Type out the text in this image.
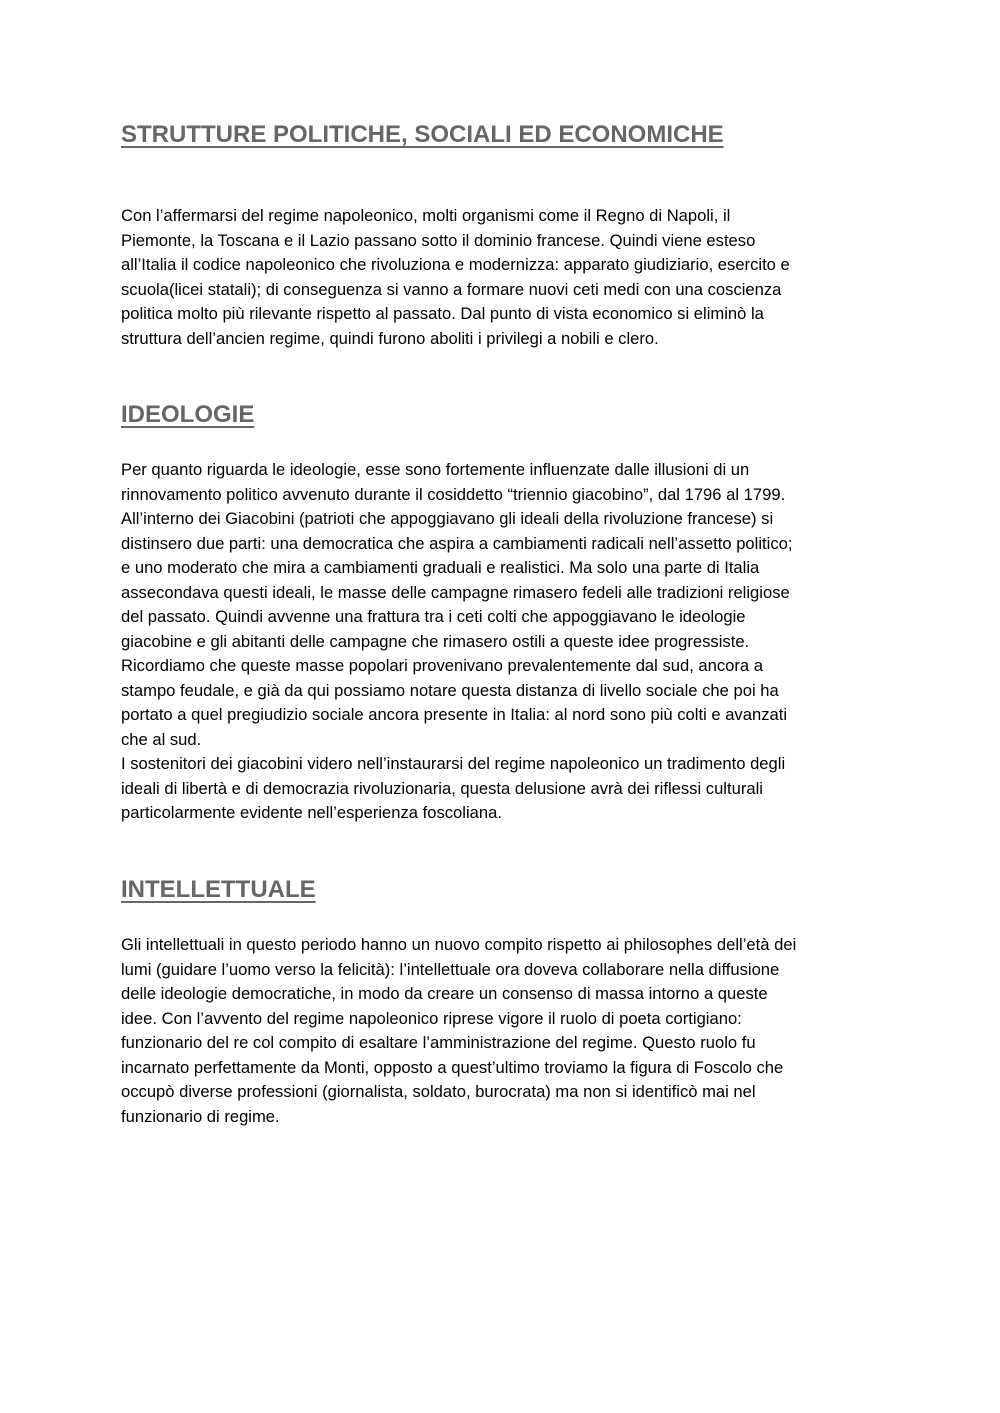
STRUTTURE POLITICHE, SOCIALI ED ECONOMICHE
Con l’affermarsi del regime napoleonico, molti organismi come il Regno di Napoli, il
Piemonte, la Toscana e il Lazio passano sotto il dominio francese. Quindi viene esteso
all’Italia il codice napoleonico che rivoluziona e modernizza: apparato giudiziario, esercito e
scuola(licei statali); di conseguenza si vanno a formare nuovi ceti medi con una coscienza
politica molto più rilevante rispetto al passato. Dal punto di vista economico si eliminò la
struttura dell’ancien regime, quindi furono aboliti i privilegi a nobili e clero.
IDEOLOGIE
Per quanto riguarda le ideologie, esse sono fortemente influenzate dalle illusioni di un
rinnovamento politico avvenuto durante il cosiddetto “triennio giacobino”, dal 1796 al 1799.
All’interno dei Giacobini (patrioti che appoggiavano gli ideali della rivoluzione francese) si
distinsero due parti: una democratica che aspira a cambiamenti radicali nell’assetto politico;
e uno moderato che mira a cambiamenti graduali e realistici. Ma solo una parte di Italia
assecondava questi ideali, le masse delle campagne rimasero fedeli alle tradizioni religiose
del passato. Quindi avvenne una frattura tra i ceti colti che appoggiavano le ideologie
giacobine e gli abitanti delle campagne che rimasero ostili a queste idee progressiste.
Ricordiamo che queste masse popolari provenivano prevalentemente dal sud, ancora a
stampo feudale, e già da qui possiamo notare questa distanza di livello sociale che poi ha
portato a quel pregiudizio sociale ancora presente in Italia: al nord sono più colti e avanzati
che al sud.
I sostenitori dei giacobini videro nell’instaurarsi del regime napoleonico un tradimento degli
ideali di libertà e di democrazia rivoluzionaria, questa delusione avrà dei riflessi culturali
particolarmente evidente nell’esperienza foscoliana.
INTELLETTUALE
Gli intellettuali in questo periodo hanno un nuovo compito rispetto ai philosophes dell’età dei
lumi (guidare l’uomo verso la felicità): l’intellettuale ora doveva collaborare nella diffusione
delle ideologie democratiche, in modo da creare un consenso di massa intorno a queste
idee. Con l’avvento del regime napoleonico riprese vigore il ruolo di poeta cortigiano:
funzionario del re col compito di esaltare l’amministrazione del regime. Questo ruolo fu
incarnato perfettamente da Monti, opposto a quest’ultimo troviamo la figura di Foscolo che
occupò diverse professioni (giornalista, soldato, burocrata) ma non si identificò mai nel
funzionario di regime.
